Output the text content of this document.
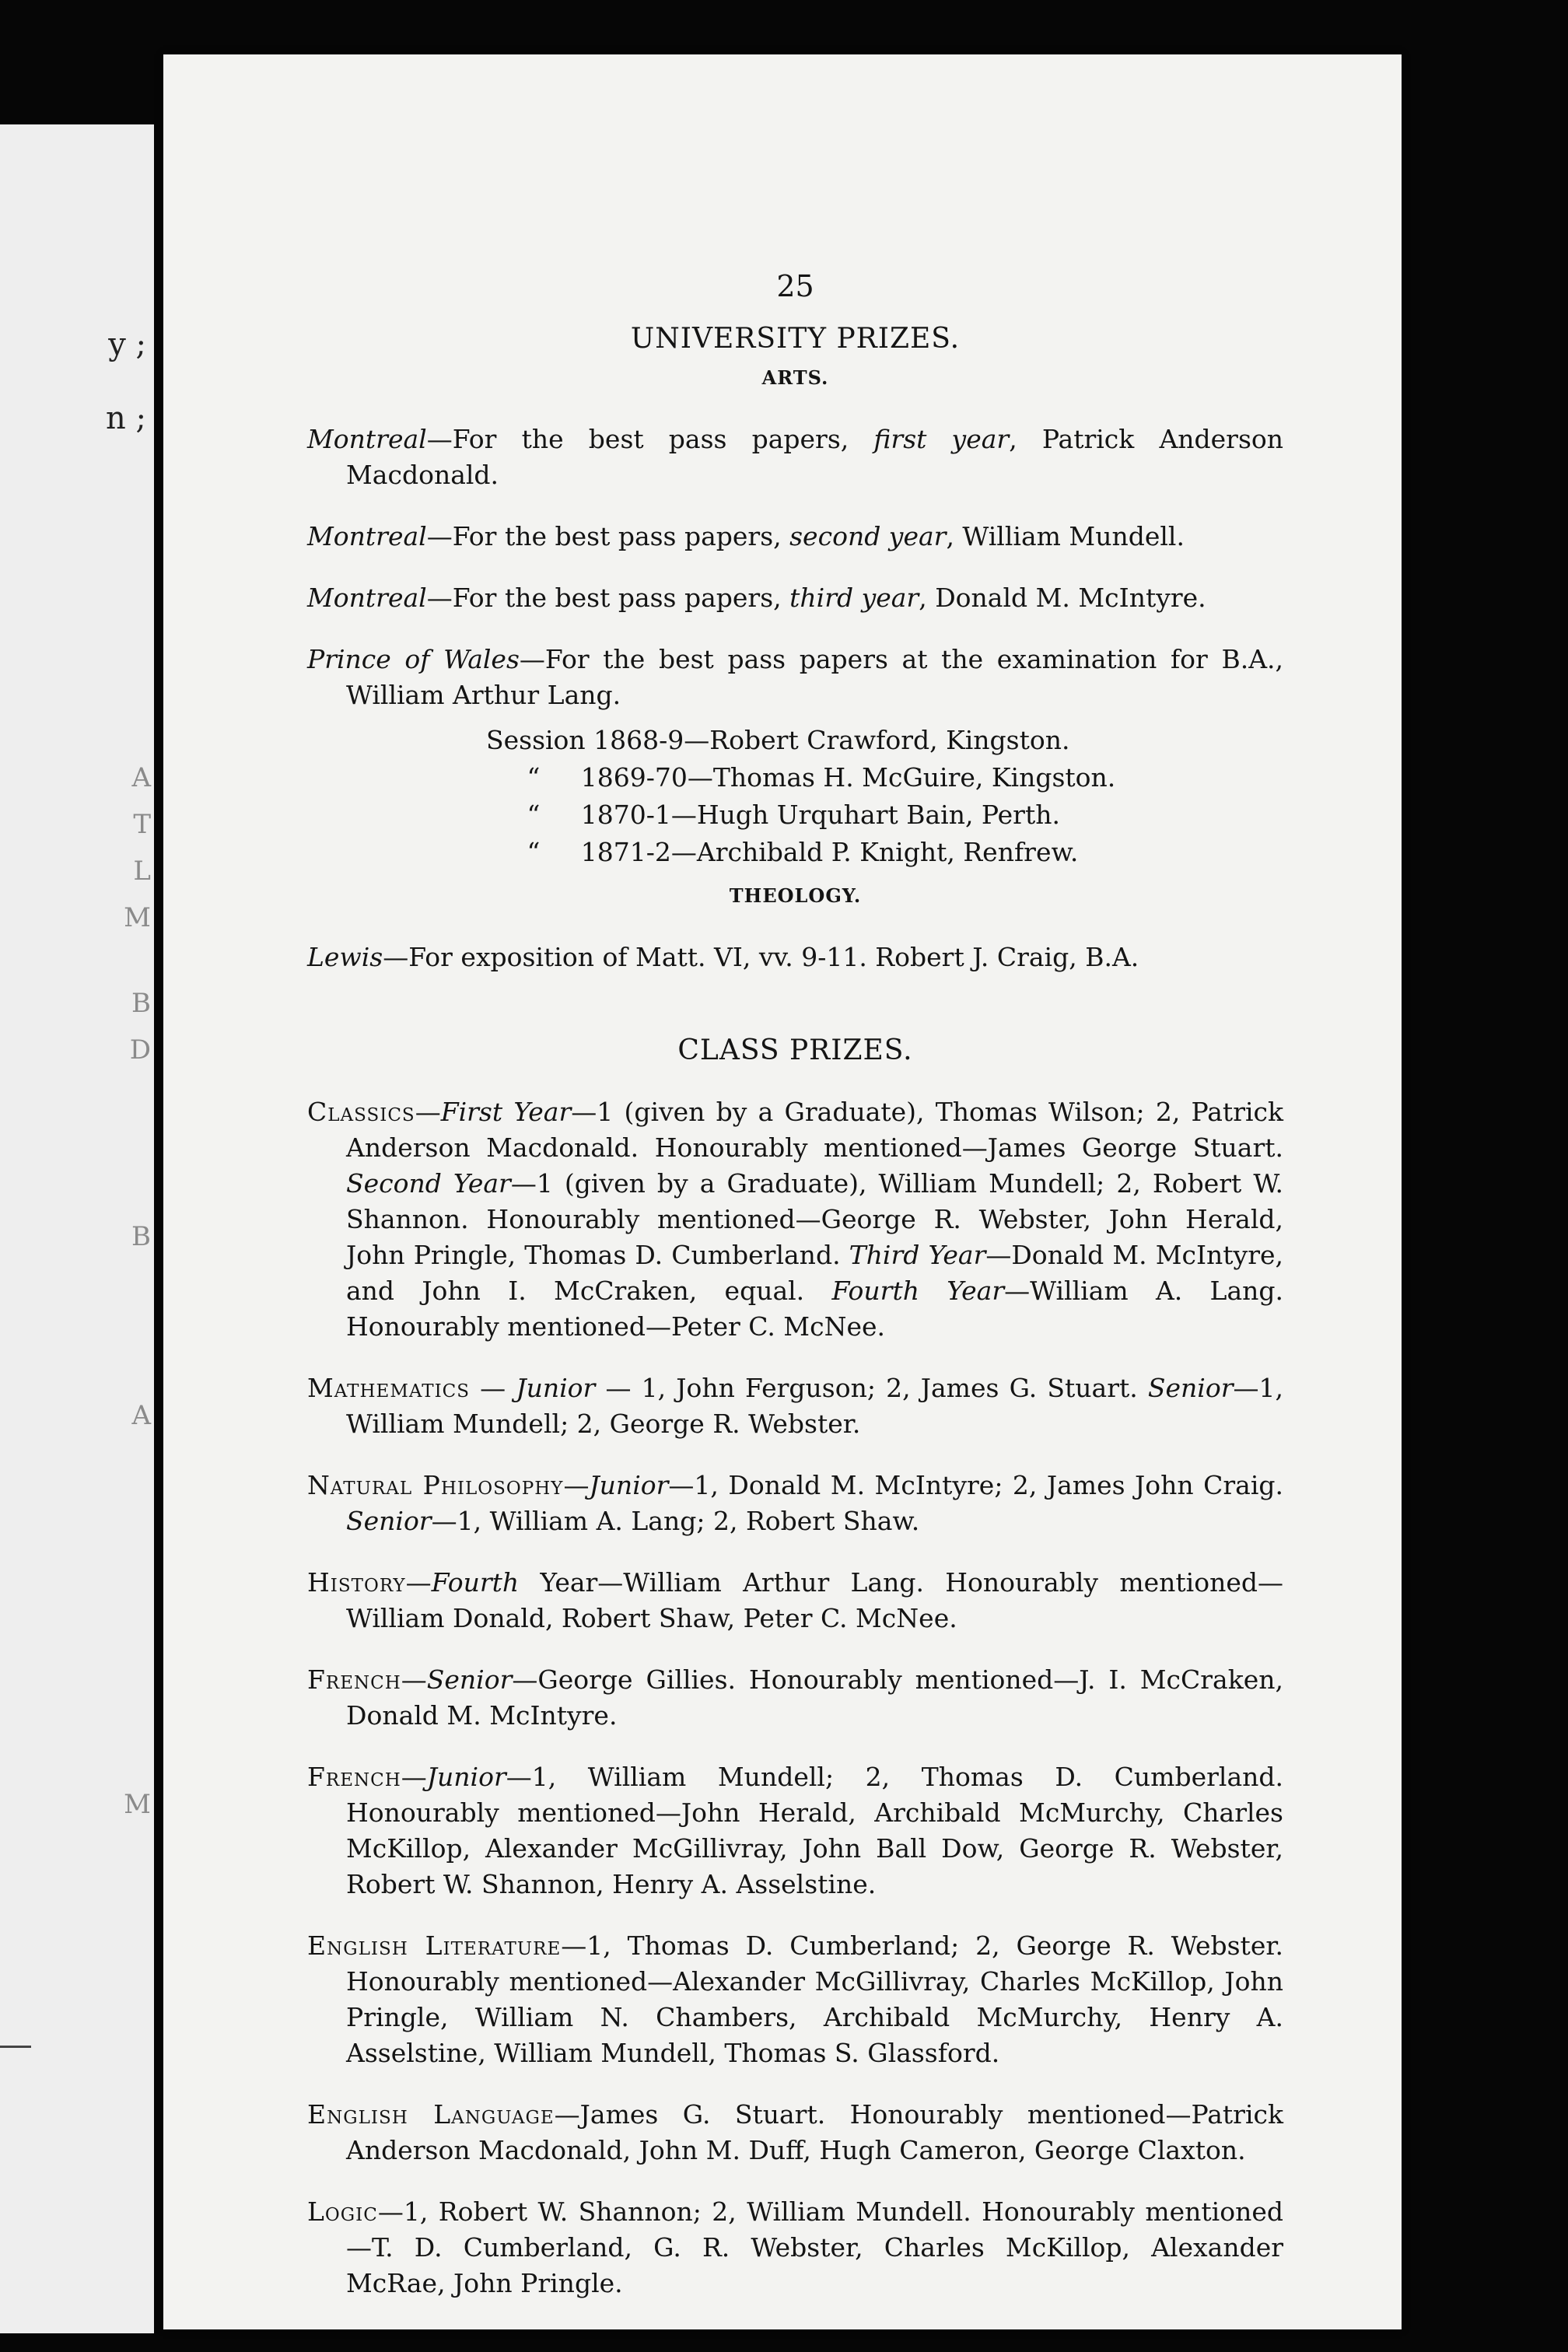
y ;
n ;
A
T
L
M
B
D
B
A
M
25
UNIVERSITY PRIZES.
ARTS.

Montreal—For the best pass papers, first year, Patrick Anderson Macdonald.

Montreal—For the best pass papers, second year, William Mundell.

Montreal—For the best pass papers, third year, Donald M. McIntyre.

Prince of Wales—For the best pass papers at the examination for B.A., William Arthur Lang.

Session 1868-9—Robert Crawford, Kingston.
“     1869-70—Thomas H. McGuire, Kingston.
“     1870-1—Hugh Urquhart Bain, Perth.
“     1871-2—Archibald P. Knight, Renfrew.
THEOLOGY.

Lewis—For exposition of Matt. VI, vv. 9-11. Robert J. Craig, B.A.

CLASS PRIZES.

Classics—First Year—1 (given by a Graduate), Thomas Wilson; 2, Patrick Anderson Macdonald. Honourably mentioned—James George Stuart. Second Year—1 (given by a Graduate), William Mundell; 2, Robert W. Shannon. Honourably mentioned—George R. Webster, John Herald, John Pringle, Thomas D. Cumberland. Third Year—Donald M. McIntyre, and John I. McCraken, equal. Fourth Year—William A. Lang. Honourably mentioned—Peter C. McNee.

Mathematics — Junior — 1, John Ferguson; 2, James G. Stuart. Senior—1, William Mundell; 2, George R. Webster.

Natural Philosophy—Junior—1, Donald M. McIntyre; 2, James John Craig. Senior—1, William A. Lang; 2, Robert Shaw.

History—Fourth Year—William Arthur Lang. Honourably mentioned—William Donald, Robert Shaw, Peter C. McNee.

French—Senior—George Gillies. Honourably mentioned—J. I. McCraken, Donald M. McIntyre.

French—Junior—1, William Mundell; 2, Thomas D. Cumberland. Honourably mentioned—John Herald, Archibald McMurchy, Charles McKillop, Alexander McGillivray, John Ball Dow, George R. Webster, Robert W. Shannon, Henry A. Asselstine.

English Literature—1, Thomas D. Cumberland; 2, George R. Webster. Honourably mentioned—Alexander McGillivray, Charles McKillop, John Pringle, William N. Chambers, Archibald McMurchy, Henry A. Asselstine, William Mundell, Thomas S. Glassford.

English Language—James G. Stuart. Honourably mentioned—Patrick Anderson Macdonald, John M. Duff, Hugh Cameron, George Claxton.

Logic—1, Robert W. Shannon; 2, William Mundell. Honourably mentioned—T. D. Cumberland, G. R. Webster, Charles McKillop, Alexander McRae, John Pringle.
